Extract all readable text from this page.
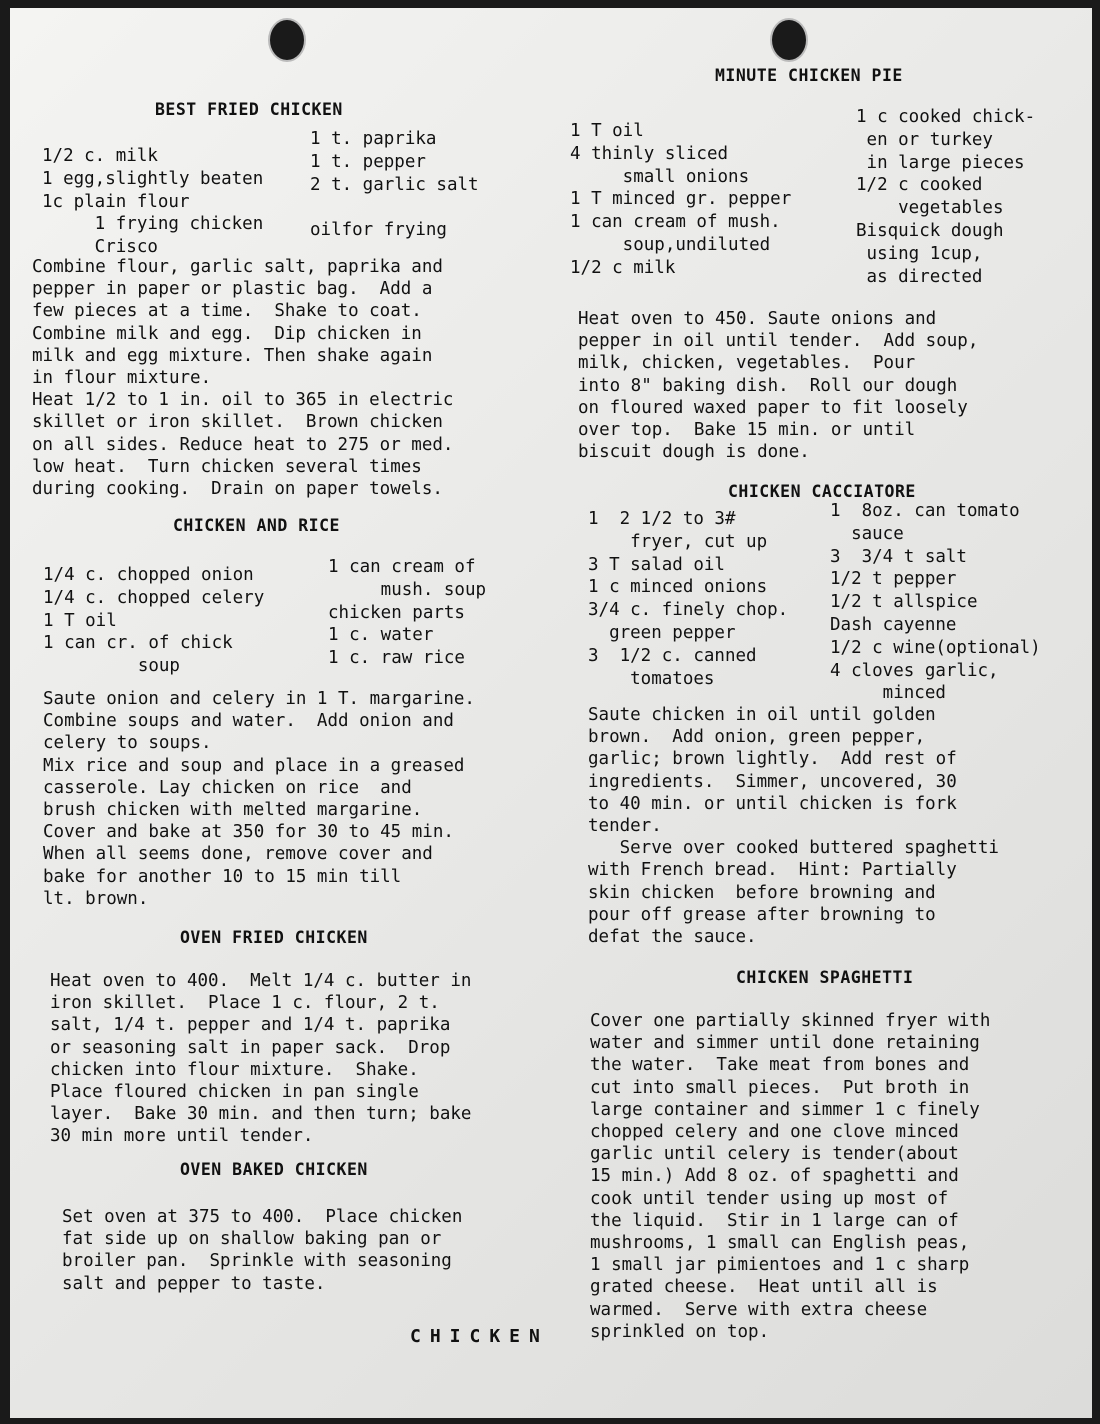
BEST FRIED CHICKEN
1/2 c. milk
1 egg,slightly beaten
1c plain flour
1 frying chicken
Crisco
1 t. paprika
1 t. pepper
2 t. garlic salt

oilfor frying
Combine flour, garlic salt, paprika and
pepper in paper or plastic bag.  Add a
few pieces at a time.  Shake to coat.
Combine milk and egg.  Dip chicken in
milk and egg mixture. Then shake again
in flour mixture.
Heat 1/2 to 1 in. oil to 365 in electric
skillet or iron skillet.  Brown chicken
on all sides. Reduce heat to 275 or med.
low heat.  Turn chicken several times
during cooking.  Drain on paper towels.
CHICKEN AND RICE
1/4 c. chopped onion
1/4 c. chopped celery
1 T oil
1 can cr. of chick
soup
1 can cream of
mush. soup
chicken parts
1 c. water
1 c. raw rice
Saute onion and celery in 1 T. margarine.
Combine soups and water.  Add onion and
celery to soups.
Mix rice and soup and place in a greased
casserole. Lay chicken on rice  and
brush chicken with melted margarine.
Cover and bake at 350 for 30 to 45 min.
When all seems done, remove cover and
bake for another 10 to 15 min till
lt. brown.
OVEN FRIED CHICKEN
Heat oven to 400.  Melt 1/4 c. butter in
iron skillet.  Place 1 c. flour, 2 t.
salt, 1/4 t. pepper and 1/4 t. paprika
or seasoning salt in paper sack.  Drop
chicken into flour mixture.  Shake.
Place floured chicken in pan single
layer.  Bake 30 min. and then turn; bake
30 min more until tender.
OVEN BAKED CHICKEN
Set oven at 375 to 400.  Place chicken
fat side up on shallow baking pan or
broiler pan.  Sprinkle with seasoning
salt and pepper to taste.
MINUTE CHICKEN PIE
1 T oil
4 thinly sliced
small onions
1 T minced gr. pepper
1 can cream of mush.
soup,undiluted
1/2 c milk
1 c cooked chick-
en or turkey
in large pieces
1/2 c cooked
vegetables
Bisquick dough
using 1cup,
as directed
Heat oven to 450. Saute onions and
pepper in oil until tender.  Add soup,
milk, chicken, vegetables.  Pour
into 8" baking dish.  Roll our dough
on floured waxed paper to fit loosely
over top.  Bake 15 min. or until
biscuit dough is done.
CHICKEN CACCIATORE
1  2 1/2 to 3#
fryer, cut up
3 T salad oil
1 c minced onions
3/4 c. finely chop.
green pepper
3  1/2 c. canned
tomatoes
1  8oz. can tomato
sauce
3  3/4 t salt
1/2 t pepper
1/2 t allspice
Dash cayenne
1/2 c wine(optional)
4 cloves garlic,
minced
Saute chicken in oil until golden
brown.  Add onion, green pepper,
garlic; brown lightly.  Add rest of
ingredients.  Simmer, uncovered, 30
to 40 min. or until chicken is fork
tender.
Serve over cooked buttered spaghetti
with French bread.  Hint: Partially
skin chicken  before browning and
pour off grease after browning to
defat the sauce.
CHICKEN SPAGHETTI
Cover one partially skinned fryer with
water and simmer until done retaining
the water.  Take meat from bones and
cut into small pieces.  Put broth in
large container and simmer 1 c finely
chopped celery and one clove minced
garlic until celery is tender(about
15 min.) Add 8 oz. of spaghetti and
cook until tender using up most of
the liquid.  Stir in 1 large can of
mushrooms, 1 small can English peas,
1 small jar pimientoes and 1 c sharp
grated cheese.  Heat until all is
warmed.  Serve with extra cheese
sprinkled on top.
CHICKEN
